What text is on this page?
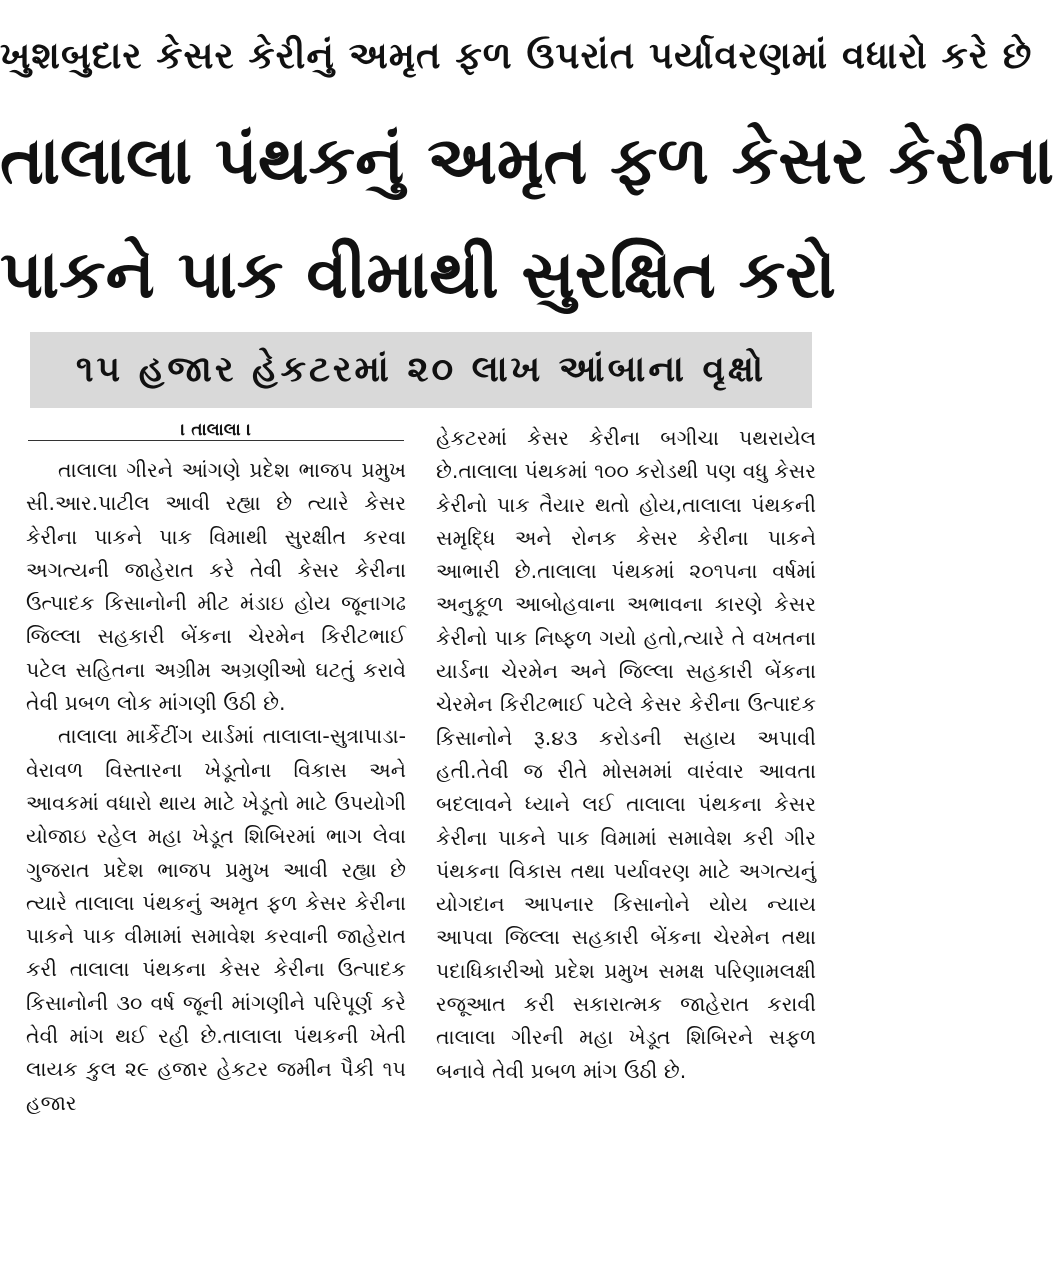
ખુશબુદાર કેસર કેરીનું અમૃત ફળ ઉપરાંત પર્યાવરણમાં વધારો કરે છે
તાલાલા પંથકનું અમૃત ફળ કેસર કેરીના
પાકને પાક વીમાથી સુરક્ષિત કરો
૧૫ હજાર હેકટરમાં ૨૦ લાખ આંબાના વૃક્ષો
। તાલાલા ।

તાલાલા ગીરને આંગણે પ્રદેશ ભાજપ પ્રમુખ સી.આર.પાટીલ આવી રહ્યા છે ત્યારે કેસર કેરીના પાકને પાક વિમાથી સુરક્ષીત કરવા અગત્યની જાહેરાત કરે તેવી કેસર કેરીના ઉત્પાદક કિસાનોની મીટ મંડાઇ હોય જૂનાગઢ જિલ્લા સહકારી બેંકના ચેરમેન કિરીટભાઈ પટેલ સહિતના અગ્રીમ અગ્રણીઓ ઘટતું કરાવે તેવી પ્રબળ લોક માંગણી ઉઠી છે.

તાલાલા માર્કેટીંગ યાર્ડમાં તાલાલા-સુત્રાપાડા-વેરાવળ વિસ્તારના ખેડૂતોના વિકાસ અને આવકમાં વધારો થાય માટે ખેડૂતો માટે ઉપયોગી યોજાઇ રહેલ મહા ખેડૂત શિબિરમાં ભાગ લેવા ગુજરાત પ્રદેશ ભાજપ પ્રમુખ આવી રહ્યા છે ત્યારે તાલાલા પંથકનું અમૃત ફળ કેસર કેરીના પાકને પાક વીમામાં સમાવેશ કરવાની જાહેરાત કરી તાલાલા પંથકના કેસર કેરીના ઉત્પાદક કિસાનોની ૩૦ વર્ષ જૂની માંગણીને પરિપૂર્ણ કરે તેવી માંગ થઈ રહી છે.તાલાલા પંથકની ખેતી લાયક કુલ ૨૯ હજાર હેકટર જમીન પૈકી ૧૫ હજાર

હેકટરમાં કેસર કેરીના બગીચા પથરાયેલ છે.તાલાલા પંથકમાં ૧૦૦ કરોડથી પણ વધુ કેસર કેરીનો પાક તૈયાર થતો હોય,તાલાલા પંથકની સમૃદ્ધિ અને રોનક કેસર કેરીના પાકને આભારી છે.તાલાલા પંથકમાં ૨૦૧૫ના વર્ષમાં અનુકૂળ આબોહવાના અભાવના કારણે કેસર કેરીનો પાક નિષ્ફળ ગયો હતો,ત્યારે તે વખતના યાર્ડના ચેરમેન અને જિલ્લા સહકારી બેંકના ચેરમેન કિરીટભાઈ પટેલે કેસર કેરીના ઉત્પાદક કિસાનોને રૂ.૪૩ કરોડની સહાય અપાવી હતી.તેવી જ રીતે મોસમમાં વારંવાર આવતા બદલાવને ધ્યાને લઈ તાલાલા પંથકના કેસર કેરીના પાકને પાક વિમામાં સમાવેશ કરી ગીર પંથકના વિકાસ તથા પર્યાવરણ માટે અગત્યનું યોગદાન આપનાર કિસાનોને યોય ન્યાય આપવા જિલ્લા સહકારી બેંકના ચેરમેન તથા પદાધિકારીઓ પ્રદેશ પ્રમુખ સમક્ષ પરિણામલક્ષી રજૂઆત કરી સકારાત્મક જાહેરાત કરાવી તાલાલા ગીરની મહા ખેડૂત શિબિરને સફળ બનાવે તેવી પ્રબળ માંગ ઉઠી છે.
